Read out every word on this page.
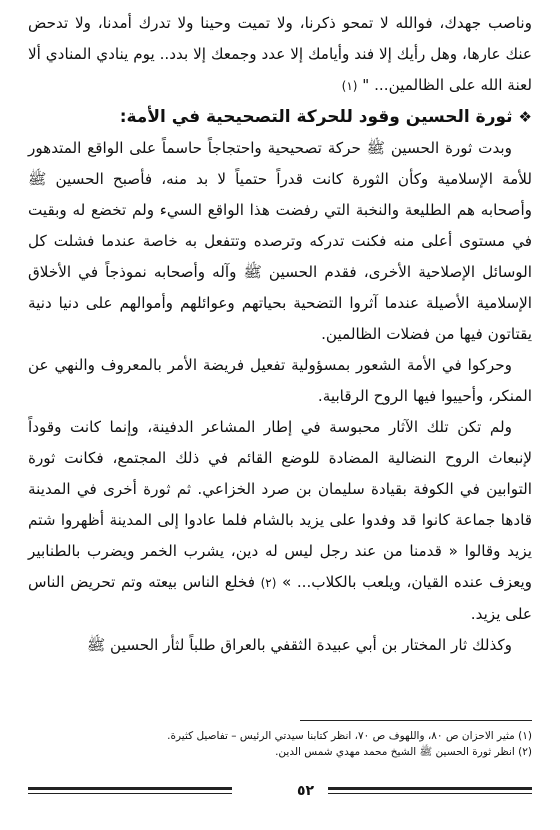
وناصب جهدك، فوالله لا تمحو ذكرنا، ولا تميت وحينا ولا تدرك أمدنا، ولا تدحض عنك عارها، وهل رأيك إلا فند وأيامك إلا عدد وجمعك إلا بدد.. يوم ينادي المنادي ألا لعنة الله على الظالمين... " (١)

❖ثورة الحسين وقود للحركة التصحيحية في الأمة:

وبدت ثورة الحسين ﷺ حركة تصحيحية واحتجاجاً حاسماً على الواقع المتدهور للأمة الإسلامية وكأن الثورة كانت قدراً حتمياً لا بد منه، فأصبح الحسين ﷺ وأصحابه هم الطليعة والنخبة التي رفضت هذا الواقع السيء ولم تخضع له وبقيت في مستوى أعلى منه فكنت تدركه وترصده وتتفعل به خاصة عندما فشلت كل الوسائل الإصلاحية الأخرى، فقدم الحسين ﷺ وآله وأصحابه نموذجاً في الأخلاق الإسلامية الأصيلة عندما آثروا التضحية بحياتهم وعوائلهم وأموالهم على دنيا دنية يقتاتون فيها من فضلات الظالمين.

وحركوا في الأمة الشعور بمسؤولية تفعيل فريضة الأمر بالمعروف والنهي عن المنكر، وأحييوا فيها الروح الرقابية.

ولم تكن تلك الآثار محبوسة في إطار المشاعر الدفينة، وإنما كانت وقوداً لإنبعاث الروح النضالية المضادة للوضع القائم في ذلك المجتمع، فكانت ثورة التوابين في الكوفة بقيادة سليمان بن صرد الخزاعي. ثم ثورة أخرى في المدينة قادها جماعة كانوا قد وفدوا على يزيد بالشام فلما عادوا إلى المدينة أظهروا شتم يزيد وقالوا « قدمنا من عند رجل ليس له دين، يشرب الخمر ويضرب بالطنابير ويعزف عنده القيان، ويلعب بالكلاب... » (٢) فخلع الناس بيعته وتم تحريض الناس على يزيد.

وكذلك ثار المختار بن أبي عبيدة الثقفي بالعراق طلباً لثأر الحسين ﷺ

(١) مثير الاحزان ص ٨٠، واللهوف ص ٧٠، انظر كتابنا سيدتي الرئيس – تفاصيل كثيرة.

(٢) انظر ثورة الحسين ﷺ الشيخ محمد مهدي شمس الدين.

٥٢
